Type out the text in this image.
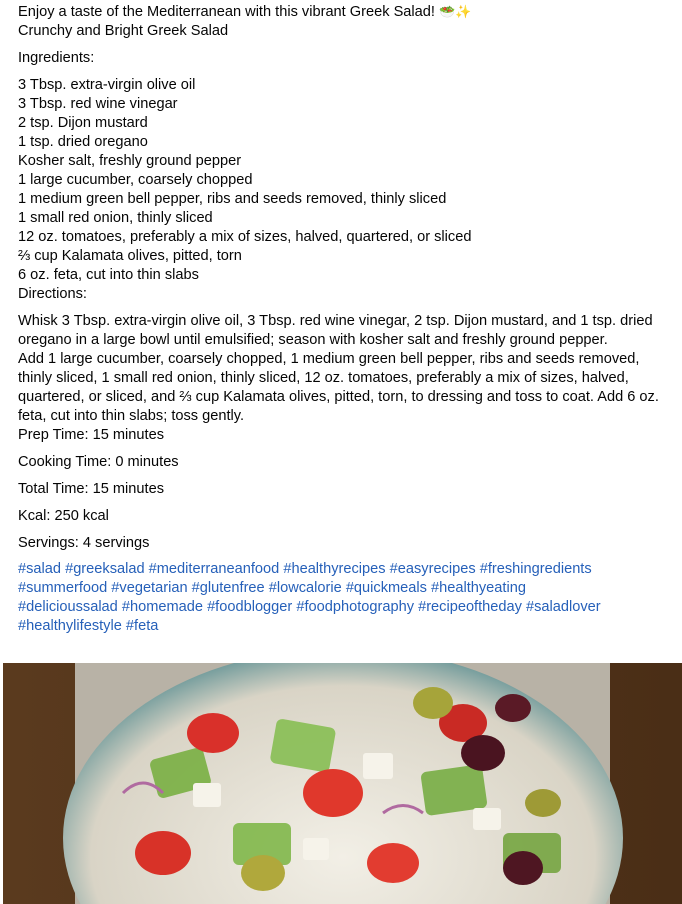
Enjoy a taste of the Mediterranean with this vibrant Greek Salad! 🥗✨
Crunchy and Bright Greek Salad
Ingredients:
3 Tbsp. extra-virgin olive oil
3 Tbsp. red wine vinegar
2 tsp. Dijon mustard
1 tsp. dried oregano
Kosher salt, freshly ground pepper
1 large cucumber, coarsely chopped
1 medium green bell pepper, ribs and seeds removed, thinly sliced
1 small red onion, thinly sliced
12 oz. tomatoes, preferably a mix of sizes, halved, quartered, or sliced
⅔ cup Kalamata olives, pitted, torn
6 oz. feta, cut into thin slabs
Directions:
Whisk 3 Tbsp. extra-virgin olive oil, 3 Tbsp. red wine vinegar, 2 tsp. Dijon mustard, and 1 tsp. dried oregano in a large bowl until emulsified; season with kosher salt and freshly ground pepper.
Add 1 large cucumber, coarsely chopped, 1 medium green bell pepper, ribs and seeds removed, thinly sliced, 1 small red onion, thinly sliced, 12 oz. tomatoes, preferably a mix of sizes, halved, quartered, or sliced, and ⅔ cup Kalamata olives, pitted, torn, to dressing and toss to coat. Add 6 oz. feta, cut into thin slabs; toss gently.
Prep Time: 15 minutes
Cooking Time: 0 minutes
Total Time: 15 minutes
Kcal: 250 kcal
Servings: 4 servings
#salad #greeksalad #mediterraneanfood #healthyrecipes #easyrecipes #freshingredients
#summerfood #vegetarian #glutenfree #lowcalorie #quickmeals #healthyeating
#delicioussalad #homemade #foodblogger #foodphotography #recipeoftheday #saladlover
#healthylifestyle #feta
